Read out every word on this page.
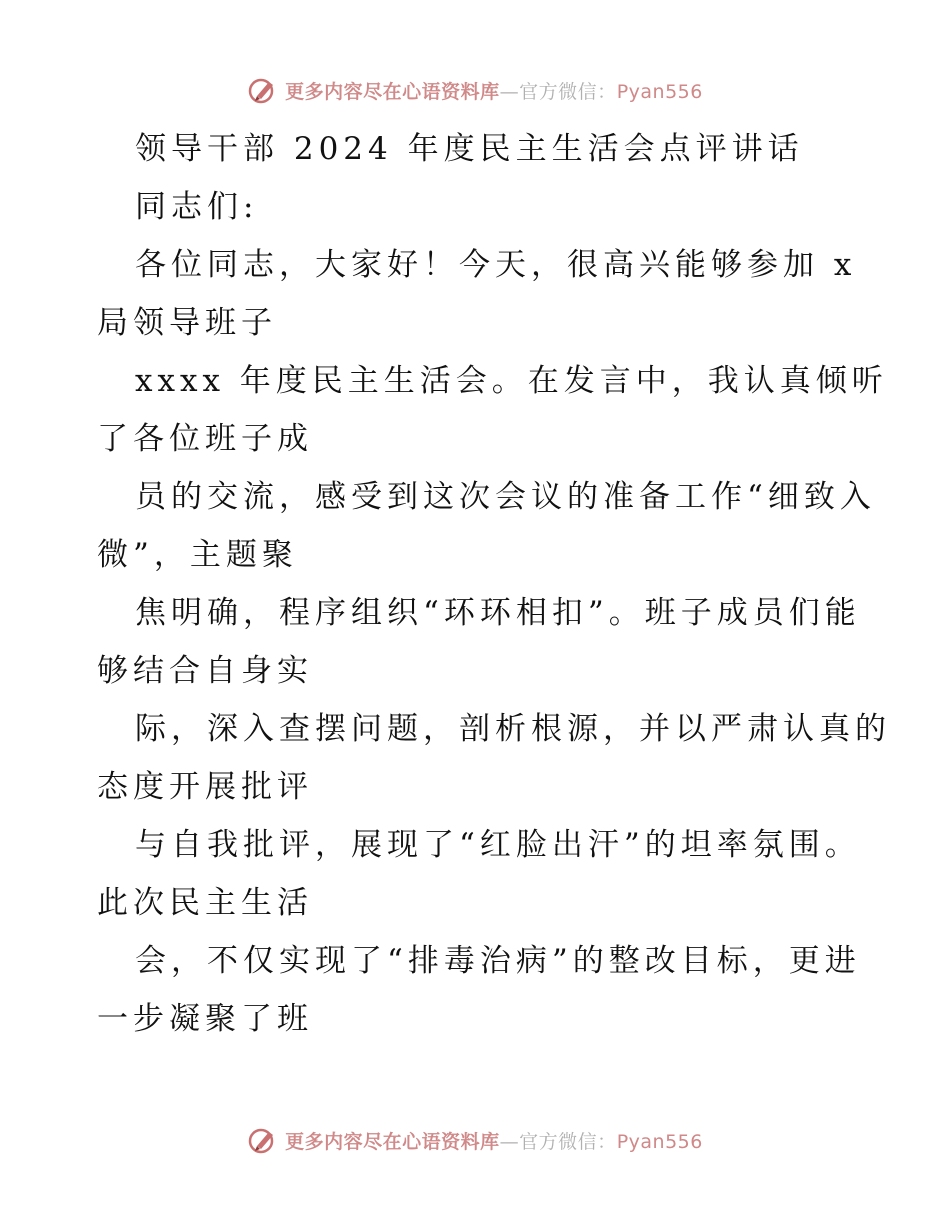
更多内容尽在心语资料库—官方微信：Pyan556
领导干部 2024 年度民主生活会点评讲话
同志们:
各位同志，大家好！今天，很高兴能够参加 x
局领导班子
xxxx 年度民主生活会。在发言中，我认真倾听
了各位班子成
员的交流，感受到这次会议的准备工作“细致入
微”，主题聚
焦明确，程序组织“环环相扣”。班子成员们能
够结合自身实
际，深入查摆问题，剖析根源，并以严肃认真的
态度开展批评
与自我批评，展现了“红脸出汗”的坦率氛围。
此次民主生活
会，不仅实现了“排毒治病”的整改目标，更进
一步凝聚了班
更多内容尽在心语资料库—官方微信：Pyan556
